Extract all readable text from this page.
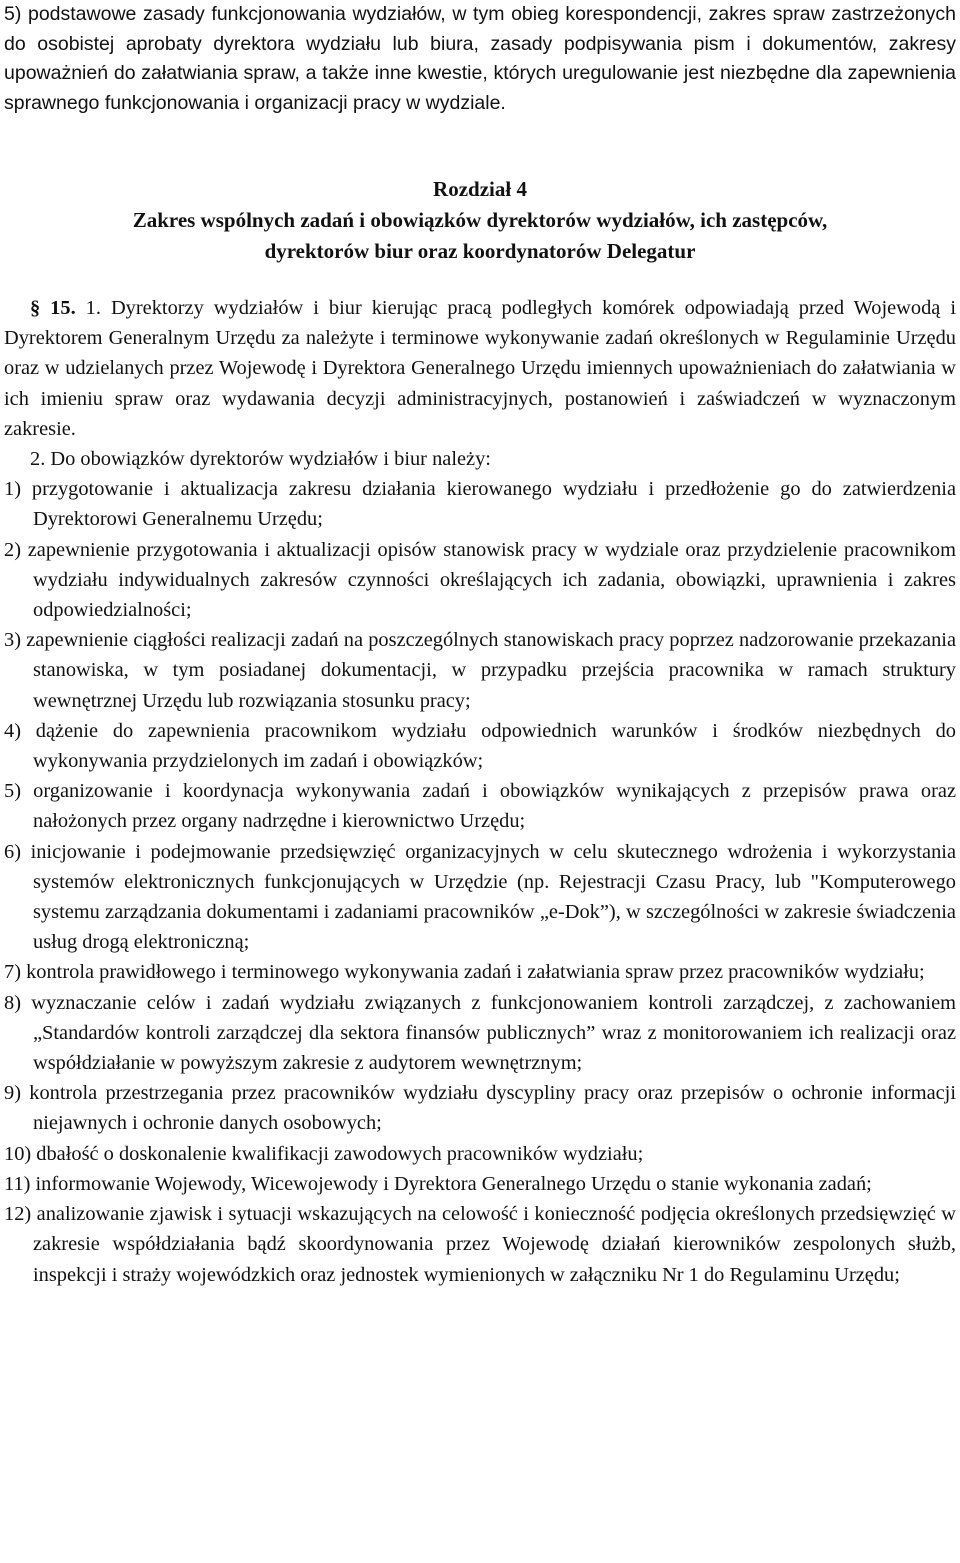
5) podstawowe zasady funkcjonowania wydziałów, w tym obieg korespondencji, zakres spraw zastrzeżonych do osobistej aprobaty dyrektora wydziału lub biura, zasady podpisywania pism i dokumentów, zakresy upoważnień do załatwiania spraw, a także inne kwestie, których uregulowanie jest niezbędne dla zapewnienia sprawnego funkcjonowania i organizacji pracy w wydziale.

Rozdział 4
Zakres wspólnych zadań i obowiązków dyrektorów wydziałów, ich zastępców,
dyrektorów biur oraz koordynatorów Delegatur

§ 15. 1. Dyrektorzy wydziałów i biur kierując pracą podległych komórek odpowiadają przed Wojewodą i Dyrektorem Generalnym Urzędu za należyte i terminowe wykonywanie zadań określonych w Regulaminie Urzędu oraz w udzielanych przez Wojewodę i Dyrektora Generalnego Urzędu imiennych upoważnieniach do załatwiania w ich imieniu spraw oraz wydawania decyzji administracyjnych, postanowień i zaświadczeń w wyznaczonym zakresie.

2. Do obowiązków dyrektorów wydziałów i biur należy:

1) przygotowanie i aktualizacja zakresu działania kierowanego wydziału i przedłożenie go do zatwierdzenia Dyrektorowi Generalnemu Urzędu;

2) zapewnienie przygotowania i aktualizacji opisów stanowisk pracy w wydziale oraz przydzielenie pracownikom wydziału indywidualnych zakresów czynności określających ich zadania, obowiązki, uprawnienia i zakres odpowiedzialności;

3) zapewnienie ciągłości realizacji zadań na poszczególnych stanowiskach pracy poprzez nadzorowanie przekazania stanowiska, w tym posiadanej dokumentacji, w przypadku przejścia pracownika w ramach struktury wewnętrznej Urzędu lub rozwiązania stosunku pracy;

4) dążenie do zapewnienia pracownikom wydziału odpowiednich warunków i środków niezbędnych do wykonywania przydzielonych im zadań i obowiązków;

5) organizowanie i koordynacja wykonywania zadań i obowiązków wynikających z przepisów prawa oraz nałożonych przez organy nadrzędne i kierownictwo Urzędu;

6) inicjowanie i podejmowanie przedsięwzięć organizacyjnych w celu skutecznego wdrożenia i wykorzystania systemów elektronicznych funkcjonujących w Urzędzie (np. Rejestracji Czasu Pracy, lub "Komputerowego systemu zarządzania dokumentami i zadaniami pracowników „e-Dok”), w szczególności w zakresie świadczenia usług drogą elektroniczną;

7) kontrola prawidłowego i terminowego wykonywania zadań i załatwiania spraw przez pracowników wydziału;

8) wyznaczanie celów i zadań wydziału związanych z funkcjonowaniem kontroli zarządczej, z zachowaniem „Standardów kontroli zarządczej dla sektora finansów publicznych” wraz z monitorowaniem ich realizacji oraz współdziałanie w powyższym zakresie z audytorem wewnętrznym;

9) kontrola przestrzegania przez pracowników wydziału dyscypliny pracy oraz przepisów o ochronie informacji niejawnych i ochronie danych osobowych;

10) dbałość o doskonalenie kwalifikacji zawodowych pracowników wydziału;

11) informowanie Wojewody, Wicewojewody i Dyrektora Generalnego Urzędu o stanie wykonania zadań;

12) analizowanie zjawisk i sytuacji wskazujących na celowość i konieczność podjęcia określonych przedsięwzięć w zakresie współdziałania bądź skoordynowania przez Wojewodę działań kierowników zespolonych służb, inspekcji i straży wojewódzkich oraz jednostek wymienionych w załączniku Nr 1 do Regulaminu Urzędu;
